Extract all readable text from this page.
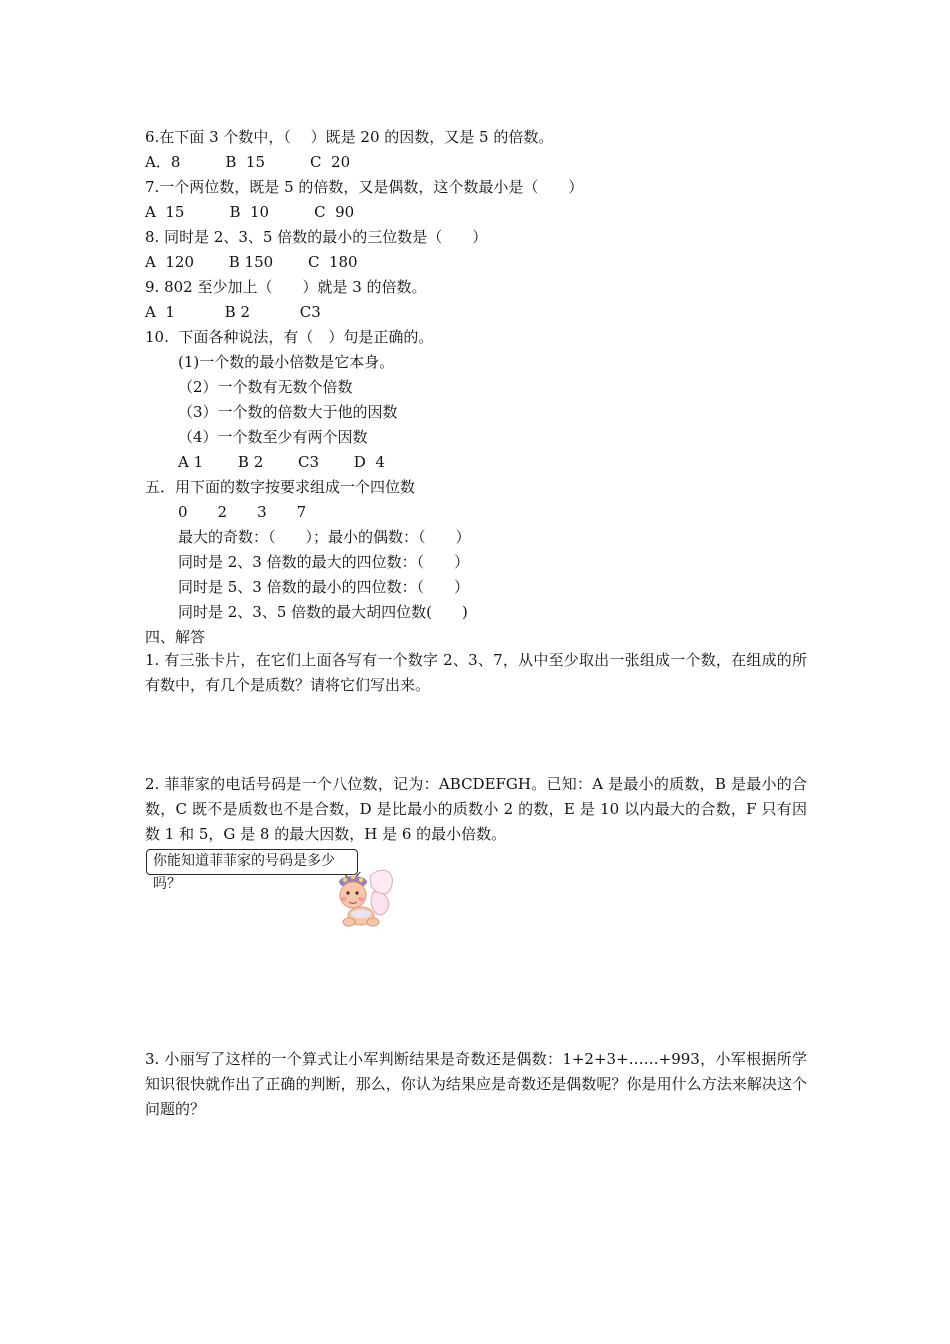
6.在下面 3 个数中，（　 ）既是 20 的因数，又是 5 的倍数。
A．8　　　B  15　　　C  20
7.一个两位数，既是 5 的倍数，又是偶数，这个数最小是（　　）
A  15　　　B  10　　　C  90
8. 同时是 2、3、5 倍数的最小的三位数是（　　）
A  120　　 B 150　　 C  180
9. 802 至少加上（　　）就是 3 的倍数。
A  1　　　 B 2　　　 C3
10.  下面各种说法，有（　）句是正确的。
(1)一个数的最小倍数是它本身。
（2）一个数有无数个倍数
（3）一个数的倍数大于他的因数
（4）一个数至少有两个因数
A 1　　 B 2　　 C3　　 D  4
五．用下面的数字按要求组成一个四位数
0　　2　　3　　7
最大的奇数：（　　）；最小的偶数：（　　）
同时是 2、3 倍数的最大的四位数：（　　）
同时是 5、3 倍数的最小的四位数：（　　）
同时是 2、3、5 倍数的最大胡四位数(　　)
四、解答
1. 有三张卡片，在它们上面各写有一个数字 2、3、7，从中至少取出一张组成一个数，在组成的所有数中，有几个是质数？请将它们写出来。
2. 菲菲家的电话号码是一个八位数，记为：ABCDEFGH。已知：A 是最小的质数，B 是最小的合数，C 既不是质数也不是合数，D 是比最小的质数小 2 的数，E 是 10 以内最大的合数，F 只有因数 1 和 5，G 是 8 的最大因数，H 是 6 的最小倍数。
你能知道菲菲家的号码是多少吗？
3. 小丽写了这样的一个算式让小军判断结果是奇数还是偶数：1+2+3+……+993，小军根据所学知识很快就作出了正确的判断，那么，你认为结果应是奇数还是偶数呢？你是用什么方法来解决这个问题的？
